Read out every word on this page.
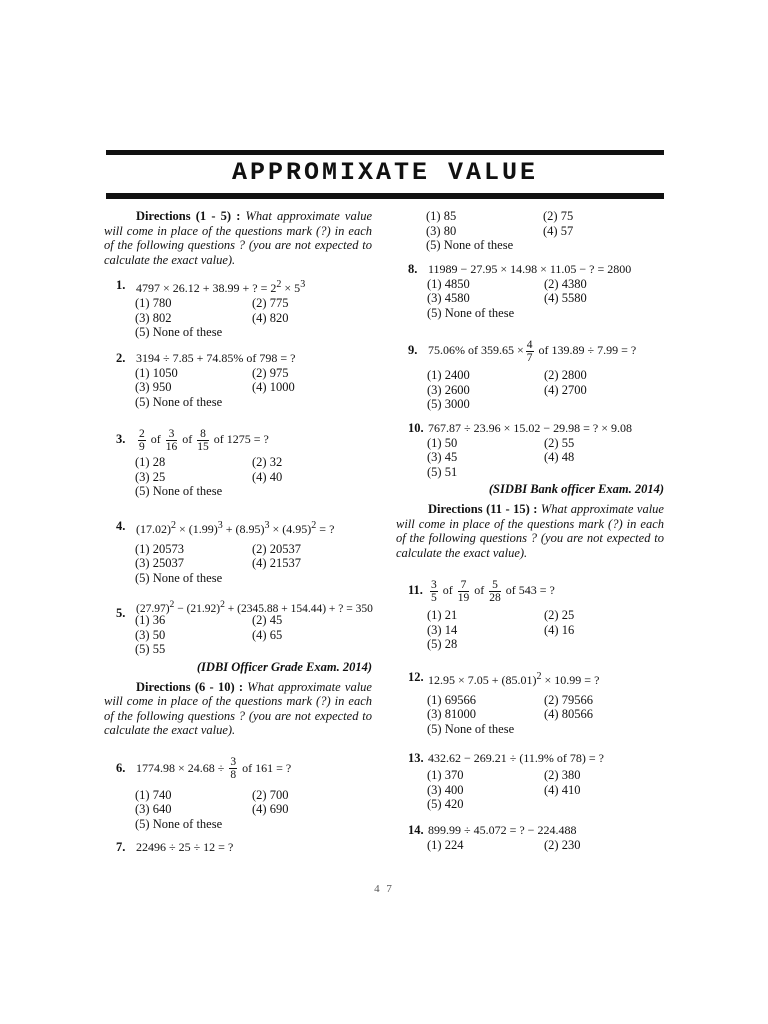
APPROMIXATE VALUE
Directions (1 - 5) : What approximate value will come in place of the questions mark (?) in each of the following questions ? (you are not expected to calculate the exact value).
1. 4797 × 26.12 + 38.99 + ? = $2^2 \times 5^3$
(1) 780	(2) 775
(3) 802	(4) 820
(5) None of these
2. 3194 ÷ 7.85 + 74.85% of 798 = ?
(1) 1050	(2) 975
(3) 950	(4) 1000
(5) None of these
3. $\frac{2}{9}$ of $\frac{3}{16}$ of $\frac{8}{15}$ of 1275 = ?
(1) 28	(2) 32
(3) 25	(4) 40
(5) None of these
4. $(17.02)^2 \times (1.99)^3 + (8.95)^3 \times (4.95)^2$ = ?
(1) 20573	(2) 20537
(3) 25037	(4) 21537
(5) None of these
5. $(27.97)^2 - (21.92)^2 + (2345.88 + 154.44)$ + ? = 350
(1) 36	(2) 45
(3) 50	(4) 65
(5) 55
(IDBI Officer Grade Exam. 2014)
Directions (6 - 10) : What approximate value will come in place of the questions mark (?) in each of the following questions ? (you are not expected to calculate the exact value).
6. $1774.98 \times 24.68 \div \frac{3}{8}$ of 161 = ?
(1) 740	(2) 700
(3) 640	(4) 690
(5) None of these
7. 22496 ÷ 25 ÷ 12 = ?
(1) 85	(2) 75
(3) 80	(4) 57
(5) None of these
8. 11989 − 27.95 × 14.98 × 11.05 − ? = 2800
(1) 4850	(2) 4380
(3) 4580	(4) 5580
(5) None of these
9. 75.06% of $359.65 \times \frac{4}{7}$ of 139.89 ÷ 7.99 = ?
(1) 2400	(2) 2800
(3) 2600	(4) 2700
(5) 3000
10. 767.87 ÷ 23.96 × 15.02 − 29.98 = ? × 9.08
(1) 50	(2) 55
(3) 45	(4) 48
(5) 51
(SIDBI Bank officer Exam. 2014)
Directions (11 - 15) : What approximate value will come in place of the questions mark (?) in each of the following questions ? (you are not expected to calculate the exact value).
11. $\frac{3}{5}$ of $\frac{7}{19}$ of $\frac{5}{28}$ of 543 = ?
(1) 21	(2) 25
(3) 14	(4) 16
(5) 28
12. $12.95 \times 7.05 + (85.01)^2 \times 10.99$ = ?
(1) 69566	(2) 79566
(3) 81000	(4) 80566
(5) None of these
13. 432.62 − 269.21 ÷ (11.9% of 78) = ?
(1) 370	(2) 380
(3) 400	(4) 410
(5) 420
14. 899.99 ÷ 45.072 = ? − 224.488
(1) 224	(2) 230
4 7
